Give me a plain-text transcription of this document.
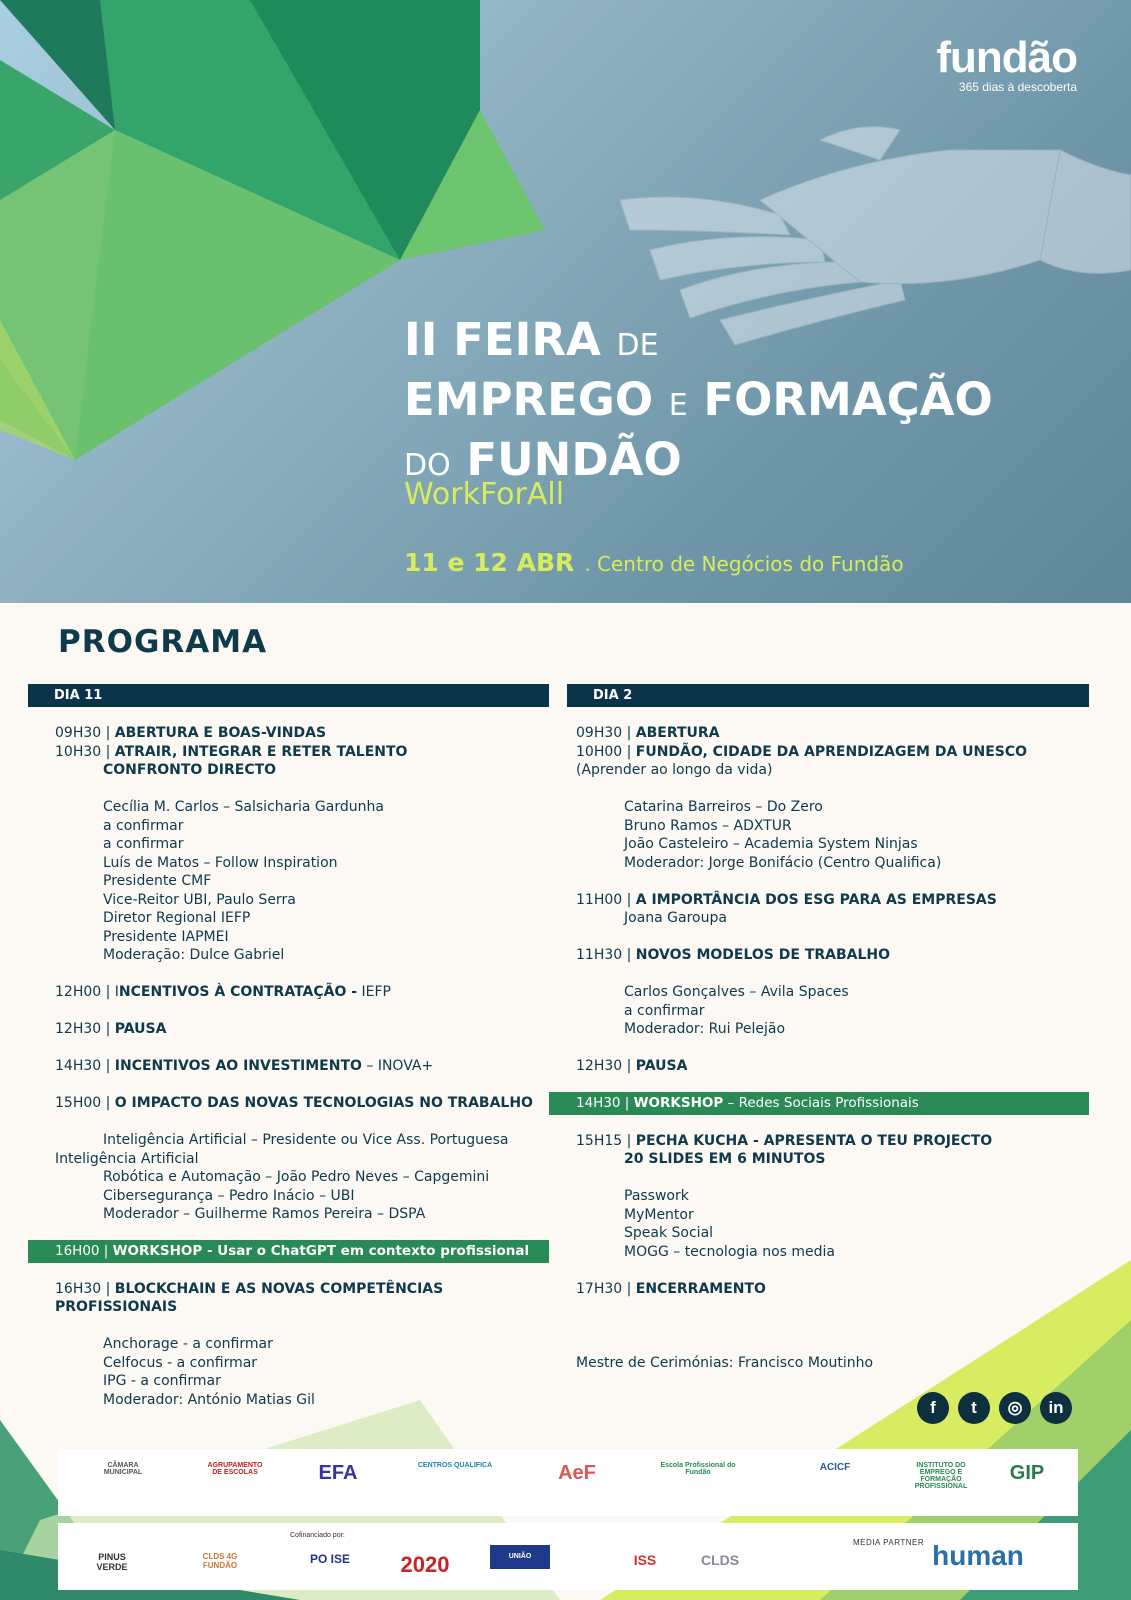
fundão
365 dias à descoberta
II FEIRA DE
EMPREGO E FORMAÇÃO
DO FUNDÃO
WorkForAll
11 e 12 ABR . Centro de Negócios do Fundão
PROGRAMA
DIA 11	DIA 2
09H30 | ABERTURA E BOAS-VINDAS
10H30 | ATRAIR, INTEGRAR E RETER TALENTO
CONFRONTO DIRECTO
Cecília M. Carlos – Salsicharia Gardunha
a confirmar
a confirmar
Luís de Matos – Follow Inspiration
Presidente CMF
Vice-Reitor UBI, Paulo Serra
Diretor Regional IEFP
Presidente IAPMEI
Moderação: Dulce Gabriel
12H00 | INCENTIVOS À CONTRATAÇÃO - IEFP
12H30 | PAUSA
14H30 | INCENTIVOS AO INVESTIMENTO – INOVA+
15H00 | O IMPACTO DAS NOVAS TECNOLOGIAS NO TRABALHO
Inteligência Artificial – Presidente ou Vice Ass. Portuguesa
Inteligência Artificial
Robótica e Automação – João Pedro Neves – Capgemini
Cibersegurança – Pedro Inácio – UBI
Moderador – Guilherme Ramos Pereira – DSPA
16H00 | WORKSHOP - Usar o ChatGPT em contexto profissional
16H30 | BLOCKCHAIN E AS NOVAS COMPETÊNCIAS
PROFISSIONAIS
Anchorage - a confirmar
Celfocus - a confirmar
IPG - a confirmar
Moderador: António Matias Gil
09H30 | ABERTURA
10H00 | FUNDÃO, CIDADE DA APRENDIZAGEM DA UNESCO
(Aprender ao longo da vida)
Catarina Barreiros – Do Zero
Bruno Ramos – ADXTUR
João Casteleiro – Academia System Ninjas
Moderador: Jorge Bonifácio (Centro Qualifica)
11H00 | A IMPORTÂNCIA DOS ESG PARA AS EMPRESAS
Joana Garoupa
11H30 | NOVOS MODELOS DE TRABALHO
Carlos Gonçalves – Avila Spaces
a confirmar
Moderador: Rui Pelejão
12H30 | PAUSA
14H30 | WORKSHOP – Redes Sociais Profissionais
15H15 | PECHA KUCHA - APRESENTA O TEU PROJECTO
20 SLIDES EM 6 MINUTOS
Passwork
MyMentor
Speak Social
MOGG – tecnologia nos media
17H30 | ENCERRAMENTO
Mestre de Cerimónias: Francisco Moutinho
f	t	◎	in
Cofinanciado por:
MEDIA PARTNER
CÂMARA MUNICIPAL
AGRUPAMENTO DE ESCOLAS	EFA	CENTROS QUALIFICA	AeF	Escola Profissional do Fundão	ACICF	INSTITUTO DO EMPREGO E FORMAÇÃO PROFISSIONAL
GIP
PINUS VERDE
CLDS 4G FUNDÃO	PO ISE	2020	UNIÃO EUROPEIA
ISS	CLDS	human
